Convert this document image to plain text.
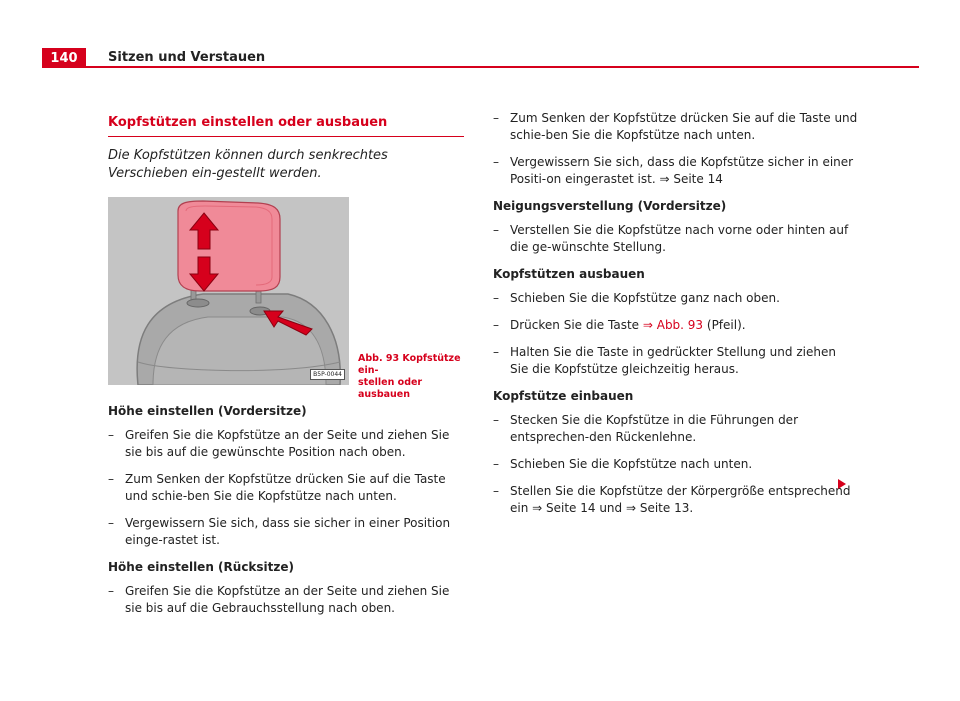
140	Sitzen und Verstauen
Kopfstützen einstellen oder ausbauen

Die Kopfstützen können durch senkrechtes Verschieben ein-gestellt werden.

B5P-0044
Abb. 93 Kopfstütze ein-
stellen oder ausbauen

Höhe einstellen (Vordersitze)

– Greifen Sie die Kopfstütze an der Seite und ziehen Sie sie bis auf die gewünschte Position nach oben.
– Zum Senken der Kopfstütze drücken Sie auf die Taste und schie-ben Sie die Kopfstütze nach unten.
– Vergewissern Sie sich, dass sie sicher in einer Position einge-rastet ist.

Höhe einstellen (Rücksitze)

– Greifen Sie die Kopfstütze an der Seite und ziehen Sie sie bis auf die Gebrauchsstellung nach oben.
– Zum Senken der Kopfstütze drücken Sie auf die Taste und schie-ben Sie die Kopfstütze nach unten.
– Vergewissern Sie sich, dass die Kopfstütze sicher in einer Positi-on eingerastet ist. ⇒ Seite 14

Neigungsverstellung (Vordersitze)

– Verstellen Sie die Kopfstütze nach vorne oder hinten auf die ge-wünschte Stellung.

Kopfstützen ausbauen

– Schieben Sie die Kopfstütze ganz nach oben.
– Drücken Sie die Taste ⇒ Abb. 93 (Pfeil).
– Halten Sie die Taste in gedrückter Stellung und ziehen Sie die Kopfstütze gleichzeitig heraus.

Kopfstütze einbauen

– Stecken Sie die Kopfstütze in die Führungen der entsprechen-den Rückenlehne.
– Schieben Sie die Kopfstütze nach unten.
– Stellen Sie die Kopfstütze der Körpergröße entsprechend ein ⇒ Seite 14 und ⇒ Seite 13.
